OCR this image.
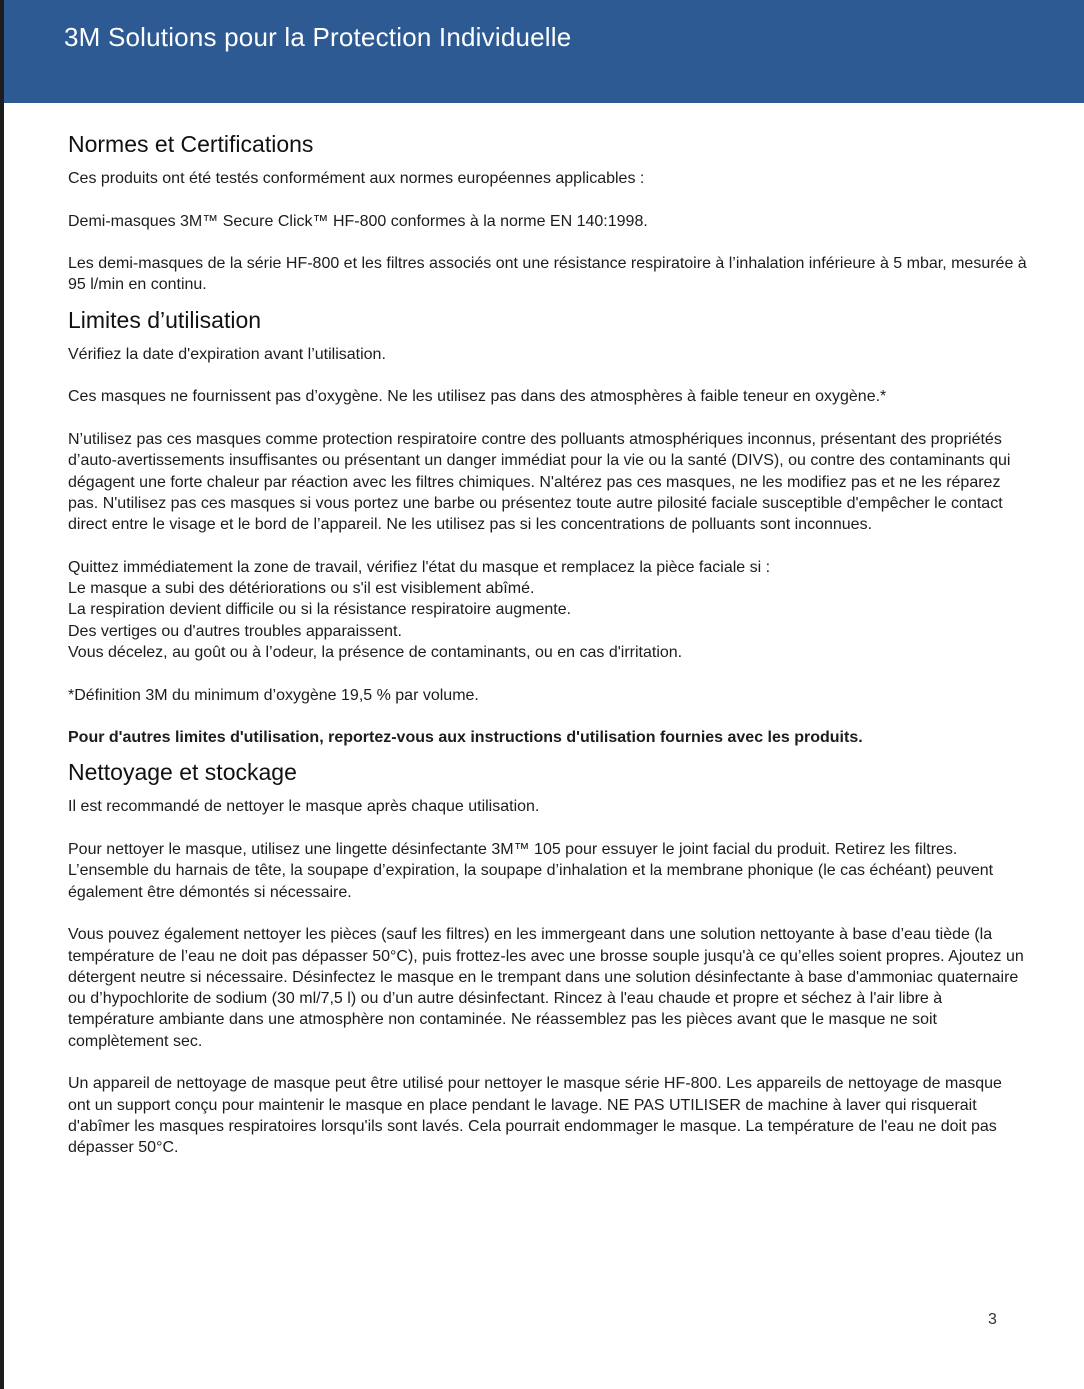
3M Solutions pour la Protection Individuelle
Normes et Certifications

Ces produits ont été testés conformément aux normes européennes applicables :

Demi-masques 3M™ Secure Click™ HF-800 conformes à la norme EN 140:1998.

Les demi-masques de la série HF-800 et les filtres associés ont une résistance respiratoire à l’inhalation inférieure à 5 mbar, mesurée à 95 l/min en continu.

Limites d’utilisation

Vérifiez la date d'expiration avant l’utilisation.

Ces masques ne fournissent pas d’oxygène. Ne les utilisez pas dans des atmosphères à faible teneur en oxygène.*

N’utilisez pas ces masques comme protection respiratoire contre des polluants atmosphériques inconnus, présentant des propriétés d’auto-avertissements insuffisantes ou présentant un danger immédiat pour la vie ou la santé (DIVS), ou contre des contaminants qui dégagent une forte chaleur par réaction avec les filtres chimiques. N'altérez pas ces masques, ne les modifiez pas et ne les réparez pas. N'utilisez pas ces masques si vous portez une barbe ou présentez toute autre pilosité faciale susceptible d'empêcher le contact direct entre le visage et le bord de l’appareil. Ne les utilisez pas si les concentrations de polluants sont inconnues.

Quittez immédiatement la zone de travail, vérifiez l'état du masque et remplacez la pièce faciale si :

Le masque a subi des détériorations ou s'il est visiblement abîmé.

La respiration devient difficile ou si la résistance respiratoire augmente.

Des vertiges ou d'autres troubles apparaissent.

Vous décelez, au goût ou à l’odeur, la présence de contaminants, ou en cas d'irritation.

*Définition 3M du minimum d’oxygène 19,5 % par volume.

Pour d'autres limites d'utilisation, reportez-vous aux instructions d'utilisation fournies avec les produits.

Nettoyage et stockage

Il est recommandé de nettoyer le masque après chaque utilisation.

Pour nettoyer le masque, utilisez une lingette désinfectante 3M™ 105 pour essuyer le joint facial du produit. Retirez les filtres. L’ensemble du harnais de tête, la soupape d’expiration, la soupape d’inhalation et la membrane phonique (le cas échéant) peuvent également être démontés si nécessaire.

Vous pouvez également nettoyer les pièces (sauf les filtres) en les immergeant dans une solution nettoyante à base d’eau tiède (la température de l’eau ne doit pas dépasser 50°C), puis frottez-les avec une brosse souple jusqu'à ce qu’elles soient propres. Ajoutez un détergent neutre si nécessaire. Désinfectez le masque en le trempant dans une solution désinfectante à base d'ammoniac quaternaire ou d’hypochlorite de sodium (30 ml/7,5 l) ou d’un autre désinfectant. Rincez à l'eau chaude et propre et séchez à l'air libre à température ambiante dans une atmosphère non contaminée. Ne réassemblez pas les pièces avant que le masque ne soit complètement sec.

Un appareil de nettoyage de masque peut être utilisé pour nettoyer le masque série HF-800. Les appareils de nettoyage de masque ont un support conçu pour maintenir le masque en place pendant le lavage. NE PAS UTILISER de machine à laver qui risquerait d'abîmer les masques respiratoires lorsqu'ils sont lavés. Cela pourrait endommager le masque. La température de l'eau ne doit pas dépasser 50°C.

3
